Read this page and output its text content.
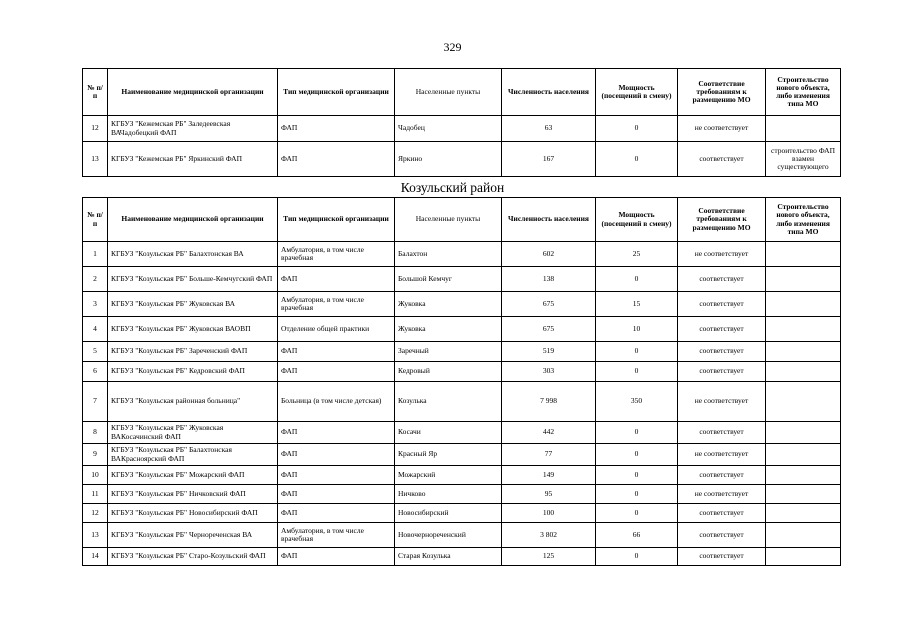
329
№ п/п	Наименование медицинской организации	Тип медицинской организации	Населенные пункты	Численность населения	Мощность (посещений в смену)	Соответствие требованиям к размещению МО	Строительство нового объекта, либо изменения типа МО
12	КГБУЗ "Кежемская РБ" Заледеевская ВАЧадобецкий ФАП	ФАП	Чадобец	63	0	не соответствует	
13	КГБУЗ "Кежемская РБ" Яркинский ФАП	ФАП	Яркино	167	0	соответствует	строительство ФАП взамен существующего
Козульский район
№ п/п	Наименование медицинской организации	Тип медицинской организации	Населенные пункты	Численность населения	Мощность (посещений в смену)	Соответствие требованиям к размещению МО	Строительство нового объекта, либо изменения типа МО
1	КГБУЗ "Козульская РБ" Балахтонская ВА	Амбулатория, в том числе врачебная	Балахтон	602	25	не соответствует	
2	КГБУЗ "Козульская РБ" Больше-Кемчугский ФАП	ФАП	Большой Кемчуг	138	0	соответствует	
3	КГБУЗ "Козульская РБ" Жуковская ВА	Амбулатория, в том числе врачебная	Жуковка	675	15	соответствует	
4	КГБУЗ "Козульская РБ" Жуковская ВАОВП	Отделение общей практики	Жуковка	675	10	соответствует	
5	КГБУЗ "Козульская РБ" Зареченский ФАП	ФАП	Заречный	519	0	соответствует	
6	КГБУЗ "Козульская РБ" Кедровский ФАП	ФАП	Кедровый	303	0	соответствует	
7	КГБУЗ "Козульская районная больница"	Больница (в том числе детская)	Козулька	7 998	350	не соответствует	
8	КГБУЗ "Козульская РБ" Жуковская ВАКосачинский ФАП	ФАП	Косачи	442	0	соответствует	
9	КГБУЗ "Козульская РБ" Балахтонская ВАКрасноярский ФАП	ФАП	Красный Яр	77	0	не соответствует	
10	КГБУЗ "Козульская РБ" Можарский ФАП	ФАП	Можарский	149	0	соответствует	
11	КГБУЗ "Козульская РБ" Ничковский ФАП	ФАП	Ничково	95	0	не соответствует	
12	КГБУЗ "Козульская РБ" Новосибирский ФАП	ФАП	Новосибирский	100	0	соответствует	
13	КГБУЗ "Козульская РБ" Чернореченская ВА	Амбулатория, в том числе врачебная	Новочернореченский	3 802	66	соответствует	
14	КГБУЗ "Козульская РБ" Старо-Козульский ФАП	ФАП	Старая Козулька	125	0	соответствует	
